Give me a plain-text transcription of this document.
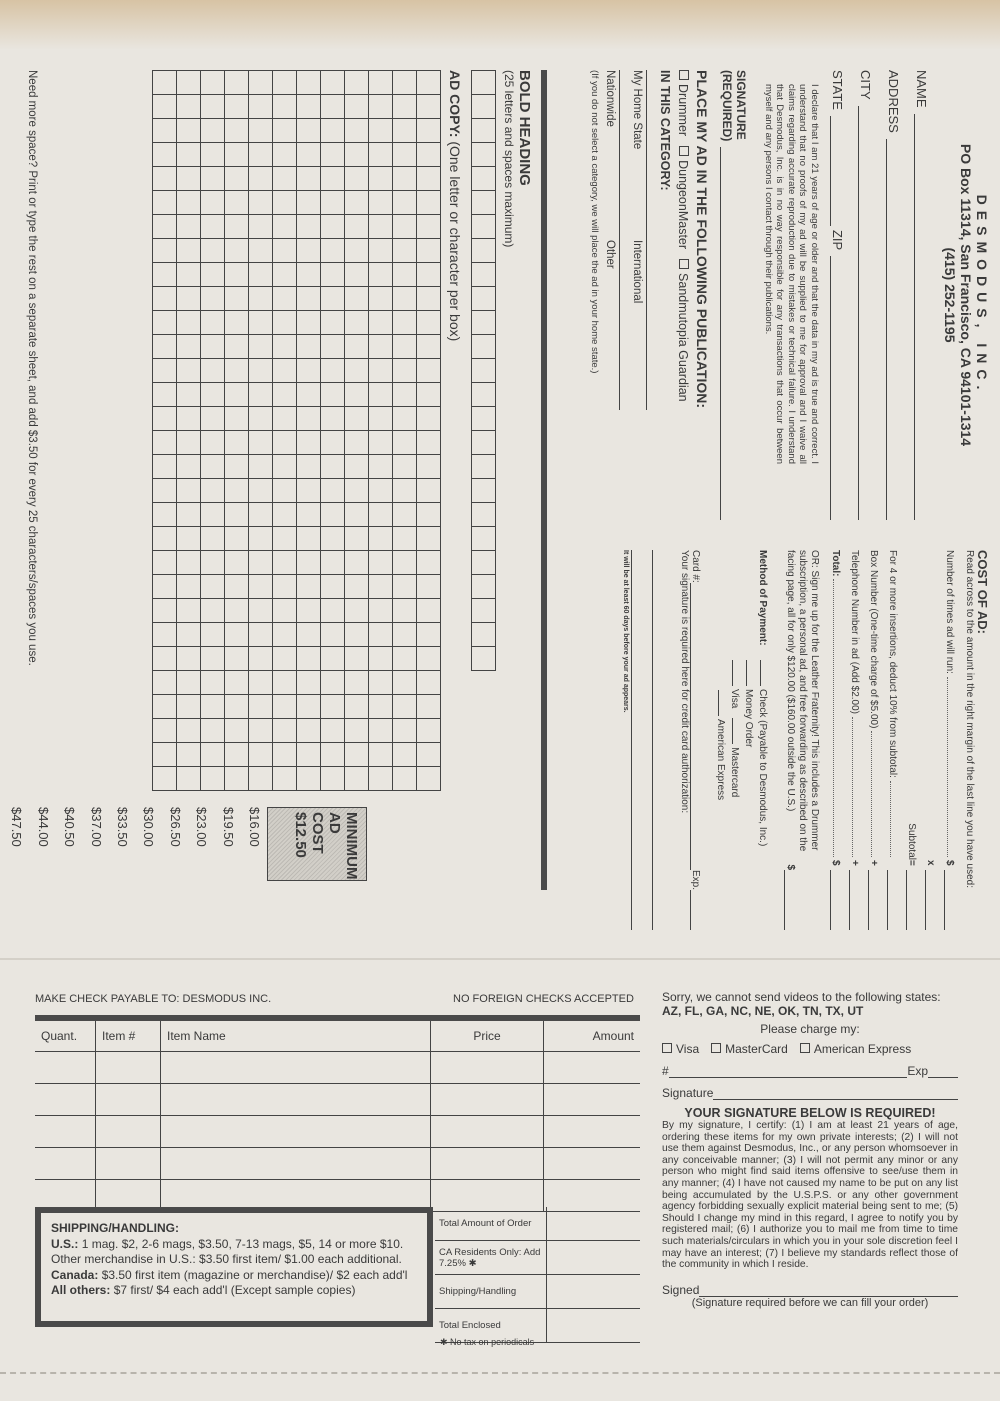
DESMODUS, INC.
PO Box 11314, San Francisco, CA 94101-1314
(415) 252-1195
NAME
ADDRESS
CITY
STATE
ZIP
I declare that I am 21 years of age or older and that the data in my ad is true and correct. I understand that no proofs of my ad will be supplied to me for approval and I waive all claims regarding accurate reproduction due to mistakes or technical failure. I understand that Desmodus, Inc. is in no way responsible for any transactions that occur between myself and any persons I contact through their publications.
SIGNATURE
(REQUIRED)
PLACE MY AD IN THE FOLLOWING PUBLICATION:
Drummer
DungeonMaster
Sandmutopia Guardian
IN THIS CATEGORY:
My Home State
International
Nationwide
Other
(If you do not select a category, we will place the ad in your home state.)
COST OF AD:
Read across to the amount in the right margin of the last line you have used:
Number of times ad will run:
$
x
Subtotal
=
For 4 or more insertions, deduct 10% from subtotal:
Box Number (One-time charge of $5.00)
+
Telephone Number in ad (Add $2.00)
+
Total:
$
OR: Sign me up for the Leather Fraternity! This includes a Drummer subscription, a personal ad, and free forwarding as described on the facing page, all for only $120.00 ($160.00 outside the U.S.)
$
Method of Payment:
Check (Payable to Desmodus, Inc.)
Money Order
Visa
Mastercard
American Express
Card #:
Exp.
Your signature is required here for credit card authorization:
It will be at least 60 days before your ad appears.
BOLD HEADING
(25 letters and spaces maximum)

AD COPY: (One letter or character per box)

MINIMUM
AD COST
$12.50
$16.00
$19.50
$23.00
$26.50
$30.00
$33.50
$37.00
$40.50
$44.00
$47.50
Need more space? Print or type the rest on a separate sheet, and add $3.50 for every 25 characters/spaces you use.
MAKE CHECK PAYABLE TO: DESMODUS INC.	NO FOREIGN CHECKS ACCEPTED
Quant.	Item #	Item Name	Price	Amount

SHIPPING/HANDLING:
U.S.: 1 mag. $2, 2-6 mags, $3.50, 7-13 mags, $5, 14 or more $10. Other merchandise in U.S.: $3.50 first item/ $1.00 each additional. Canada: $3.50 first item (magazine or merchandise)/ $2 each add'l All others: $7 first/ $4 each add'l (Except sample copies)
Total Amount of Order	
CA Residents Only: Add 7.25% ✱	
Shipping/Handling	
Total Enclosed	
✱ No tax on periodicals
Sorry, we cannot send videos to the following states: AZ, FL, GA, NC, NE, OK, TN, TX, UT
Please charge my:
Visa	MasterCard	American Express
#	Exp
Signature
YOUR SIGNATURE BELOW IS REQUIRED!
By my signature, I certify: (1) I am at least 21 years of age, ordering these items for my own private interests; (2) I will not use them against Desmodus, Inc., or any person whomsoever in any conceivable manner; (3) I will not permit any minor or any person who might find said items offensive to see/use them in any manner; (4) I have not caused my name to be put on any list being accumulated by the U.S.P.S. or any other government agency forbidding sexually explicit material being sent to me; (5) Should I change my mind in this regard, I agree to notify you by registered mail; (6) I authorize you to mail me from time to time such materials/circulars in which you in your sole discretion feel I may have an interest; (7) I believe my standards reflect those of the community in which I reside.
Signed
(Signature required before we can fill your order)
